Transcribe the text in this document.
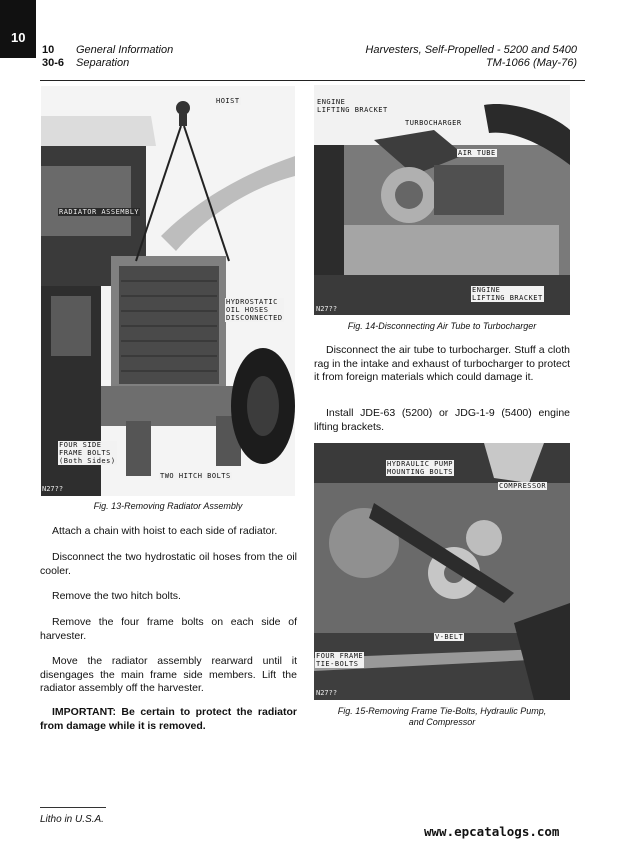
10
10 General Information
30-6 Separation
Harvesters, Self-Propelled - 5200 and 5400
TM-1066 (May-76)
HOIST
RADIATOR ASSEMBLY
HYDROSTATIC
OIL HOSES
DISCONNECTED
FOUR SIDE
FRAME BOLTS
(Both Sides)
TWO HITCH BOLTS
N27??
Fig. 13-Removing Radiator Assembly
ENGINE
LIFTING BRACKET
TURBOCHARGER
AIR TUBE
ENGINE
LIFTING BRACKET
N27??
Fig. 14-Disconnecting Air Tube to Turbocharger
HYDRAULIC PUMP
MOUNTING BOLTS
COMPRESSOR
V-BELT
FOUR FRAME
TIE-BOLTS
N27??
Fig. 15-Removing Frame Tie-Bolts, Hydraulic Pump,
and Compressor
Attach a chain with hoist to each side of radiator.
Disconnect the two hydrostatic oil hoses from the oil cooler.
Remove the two hitch bolts.
Remove the four frame bolts on each side of harvester.
Move the radiator assembly rearward until it disengages the main frame side members. Lift the radiator assembly off the harvester.
IMPORTANT: Be certain to protect the radiator from damage while it is removed.
Disconnect the air tube to turbocharger. Stuff a cloth rag in the intake and exhaust of turbocharger to protect it from foreign materials which could damage it.
Install JDE-63 (5200) or JDG-1-9 (5400) engine lifting brackets.
Litho in U.S.A.
www.epcatalogs.com
